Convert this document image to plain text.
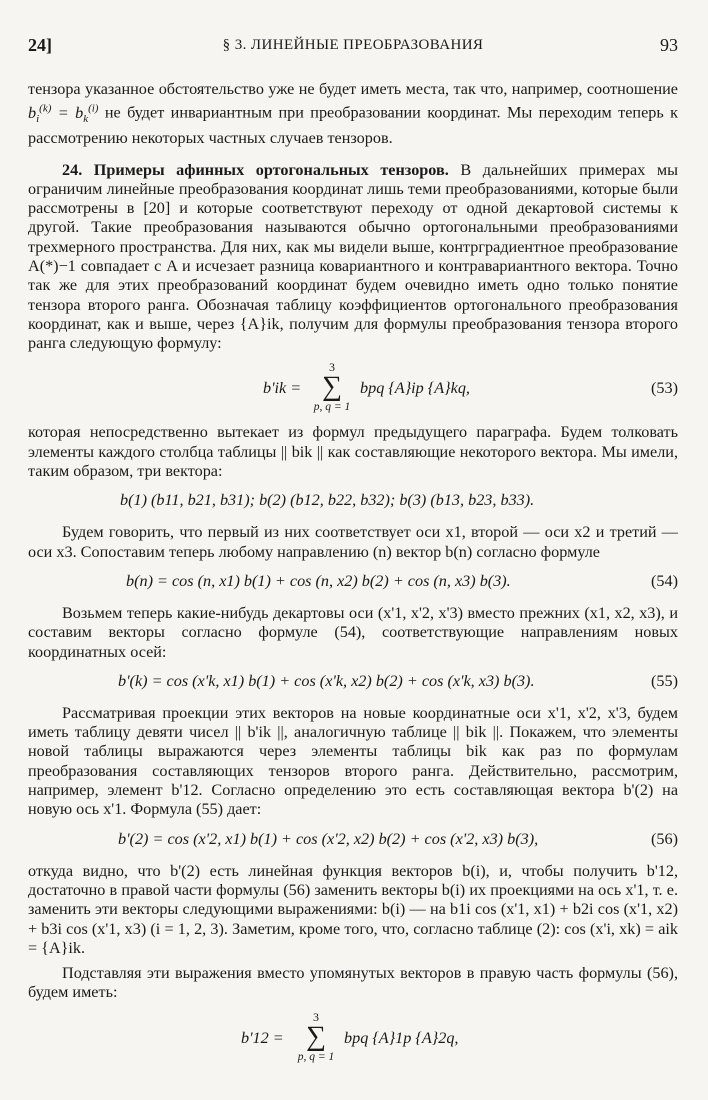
24]	§ 3. ЛИНЕЙНЫЕ ПРЕОБРАЗОВАНИЯ	93

тензора указанное обстоятельство уже не будет иметь места, так что, например, соотношение $b_i^{(k)} = b_k^{(i)}$ не будет инвариантным при преобразовании координат. Мы переходим теперь к рассмотрению некоторых частных случаев тензоров.

24. Примеры афинных ортогональных тензоров. В дальнейших примерах мы ограничим линейные преобразования координат лишь теми преобразованиями, которые были рассмотрены в [20] и которые соответствуют переходу от одной декартовой системы к другой. Такие преобразования называются обычно ортогональными преобразованиями трехмерного пространства. Для них, как мы видели выше, контрградиентное преобразование A(*)−1 совпадает с A и исчезает разница ковариантного и контравариантного вектора. Точно так же для этих преобразований координат будем очевидно иметь одно только понятие тензора второго ранга. Обозначая таблицу коэффициентов ортогонального преобразования координат, как и выше, через {A}ik, получим для формулы преобразования тензора второго ранга следующую формулу:

b'ik =
3
∑
p, q = 1
bpq {A}ip {A}kq,	(53)

которая непосредственно вытекает из формул предыдущего параграфа. Будем толковать элементы каждого столбца таблицы || bik || как составляющие некоторого вектора. Мы имели, таким образом, три вектора:

b(1) (b11, b21, b31); b(2) (b12, b22, b32); b(3) (b13, b23, b33).

Будем говорить, что первый из них соответствует оси x1, второй — оси x2 и третий — оси x3. Сопоставим теперь любому направлению (n) вектор b(n) согласно формуле

b(n) = cos (n, x1) b(1) + cos (n, x2) b(2) + cos (n, x3) b(3).	(54)

Возьмем теперь какие-нибудь декартовы оси (x'1, x'2, x'3) вместо прежних (x1, x2, x3), и составим векторы согласно формуле (54), соответствующие направлениям новых координатных осей:

b'(k) = cos (x'k, x1) b(1) + cos (x'k, x2) b(2) + cos (x'k, x3) b(3).	(55)

Рассматривая проекции этих векторов на новые координатные оси x'1, x'2, x'3, будем иметь таблицу девяти чисел || b'ik ||, аналогичную таблице || bik ||. Покажем, что элементы новой таблицы выражаются через элементы таблицы bik как раз по формулам преобразования составляющих тензоров второго ранга. Действительно, рассмотрим, например, элемент b'12. Согласно определению это есть составляющая вектора b'(2) на новую ось x'1. Формула (55) дает:

b'(2) = cos (x'2, x1) b(1) + cos (x'2, x2) b(2) + cos (x'2, x3) b(3),	(56)

откуда видно, что b'(2) есть линейная функция векторов b(i), и, чтобы получить b'12, достаточно в правой части формулы (56) заменить векторы b(i) их проекциями на ось x'1, т. е. заменить эти векторы следующими выражениями: b(i) — на b1i cos (x'1, x1) + b2i cos (x'1, x2) + b3i cos (x'1, x3) (i = 1, 2, 3). Заметим, кроме того, что, согласно таблице (2): cos (x'i, xk) = aik = {A}ik.

Подставляя эти выражения вместо упомянутых векторов в правую часть формулы (56), будем иметь:

b'12 =
3
∑
p, q = 1
bpq {A}1p {A}2q,
